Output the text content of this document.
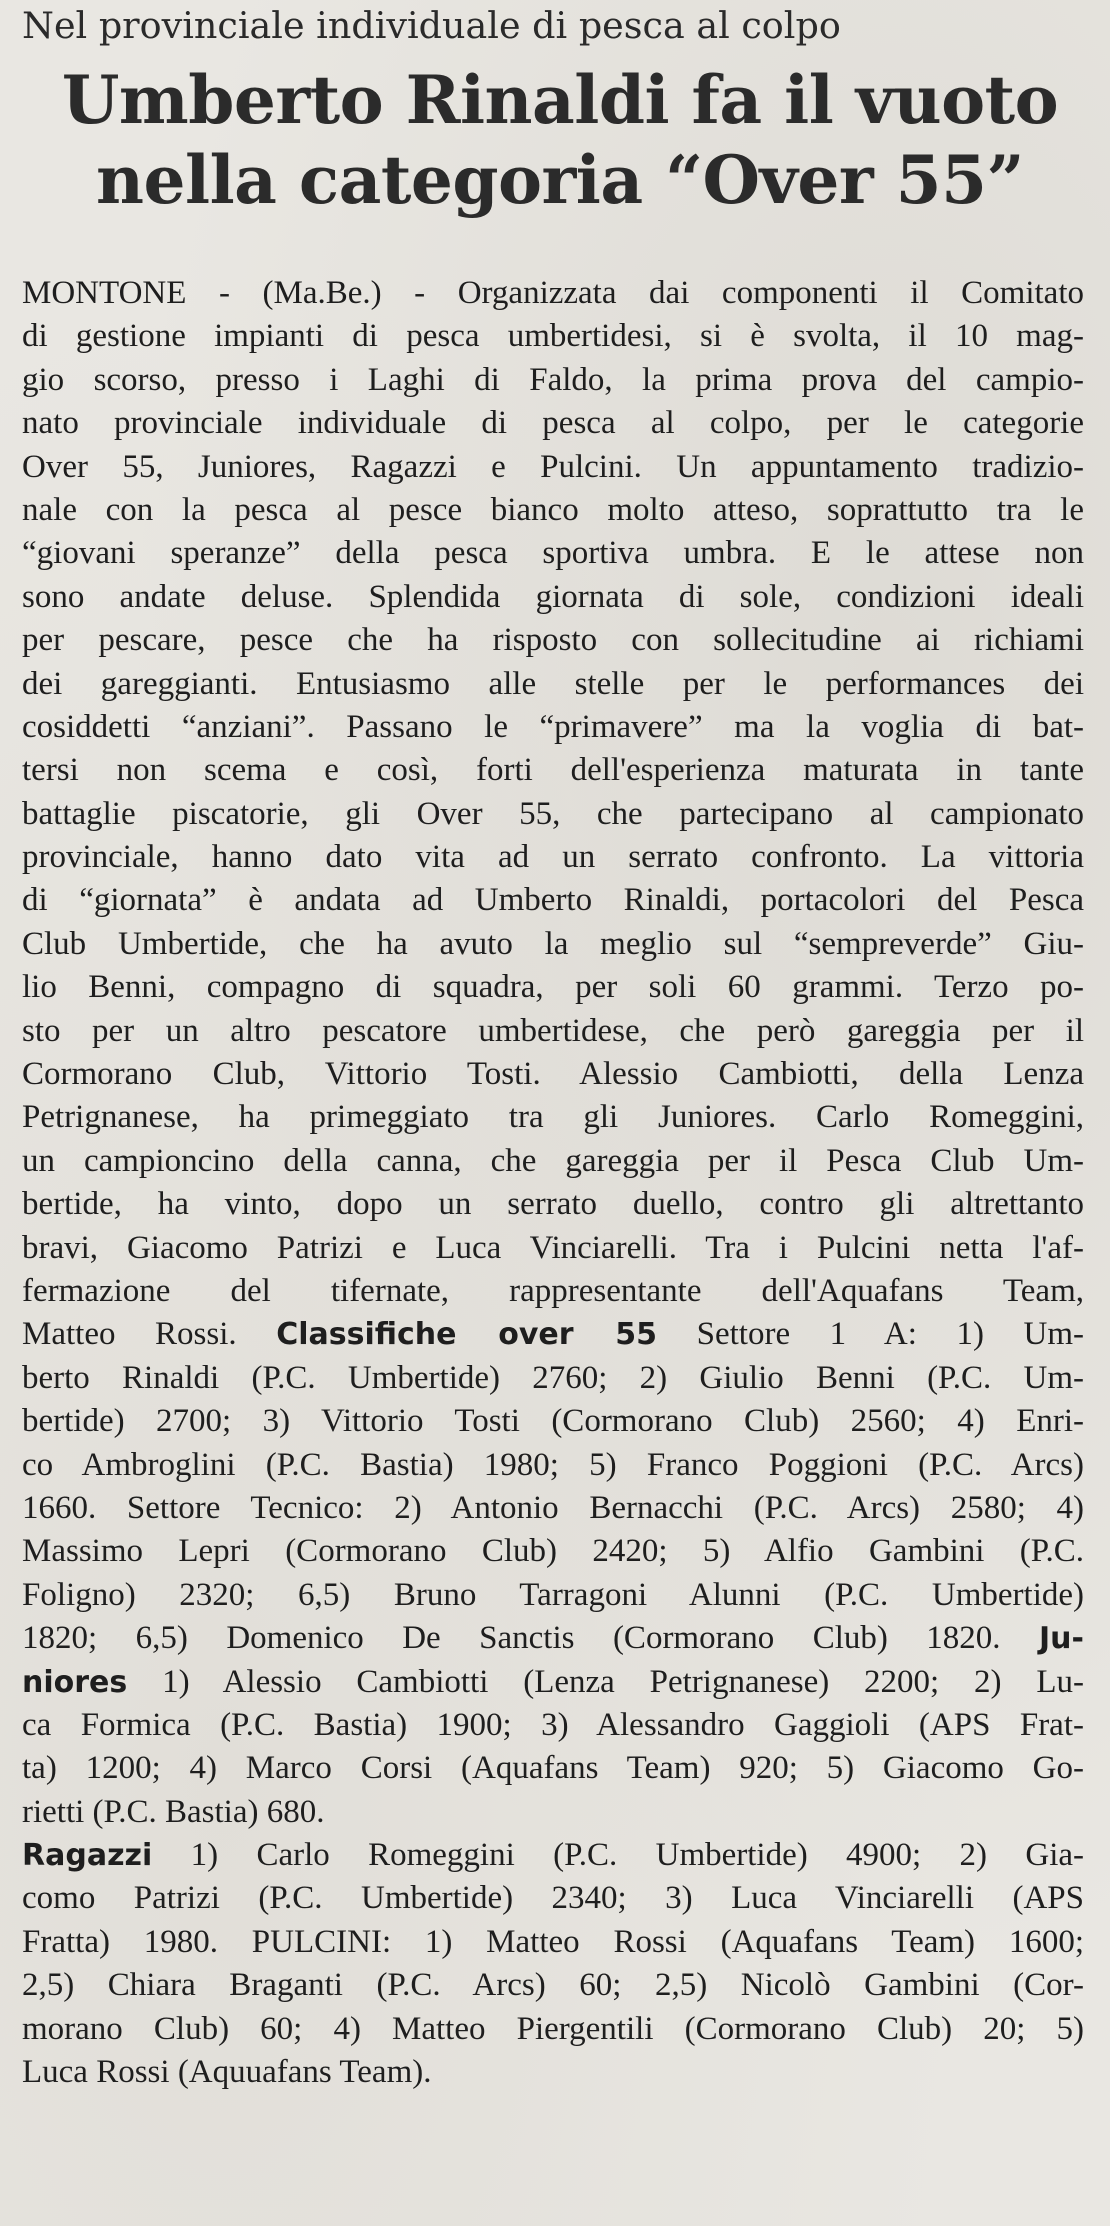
Nel provinciale individuale di pesca al colpo
Umberto Rinaldi fa il vuoto
nella categoria “Over 55”
MONTONE - (Ma.Be.) - Organizzata dai componenti il Comitato
di gestione impianti di pesca umbertidesi, si è svolta, il 10 mag-
gio scorso, presso i Laghi di Faldo, la prima prova del campio-
nato provinciale individuale di pesca al colpo, per le categorie
Over 55, Juniores, Ragazzi e Pulcini. Un appuntamento tradizio-
nale con la pesca al pesce bianco molto atteso, soprattutto tra le
“giovani speranze” della pesca sportiva umbra. E le attese non
sono andate deluse. Splendida giornata di sole, condizioni ideali
per pescare, pesce che ha risposto con sollecitudine ai richiami
dei gareggianti. Entusiasmo alle stelle per le performances dei
cosiddetti “anziani”. Passano le “primavere” ma la voglia di bat-
tersi non scema e così, forti dell'esperienza maturata in tante
battaglie piscatorie, gli Over 55, che partecipano al campionato
provinciale, hanno dato vita ad un serrato confronto. La vittoria
di “giornata” è andata ad Umberto Rinaldi, portacolori del Pesca
Club Umbertide, che ha avuto la meglio sul “sempreverde” Giu-
lio Benni, compagno di squadra, per soli 60 grammi. Terzo po-
sto per un altro pescatore umbertidese, che però gareggia per il
Cormorano Club, Vittorio Tosti. Alessio Cambiotti, della Lenza
Petrignanese, ha primeggiato tra gli Juniores. Carlo Romeggini,
un campioncino della canna, che gareggia per il Pesca Club Um-
bertide, ha vinto, dopo un serrato duello, contro gli altrettanto
bravi, Giacomo Patrizi e Luca Vinciarelli. Tra i Pulcini netta l'af-
fermazione del tifernate, rappresentante dell'Aquafans Team,
Matteo Rossi. Classifiche over 55 Settore 1 A: 1) Um-
berto Rinaldi (P.C. Umbertide) 2760; 2) Giulio Benni (P.C. Um-
bertide) 2700; 3) Vittorio Tosti (Cormorano Club) 2560; 4) Enri-
co Ambroglini (P.C. Bastia) 1980; 5) Franco Poggioni (P.C. Arcs)
1660. Settore Tecnico: 2) Antonio Bernacchi (P.C. Arcs) 2580; 4)
Massimo Lepri (Cormorano Club) 2420; 5) Alfio Gambini (P.C.
Foligno) 2320; 6,5) Bruno Tarragoni Alunni (P.C. Umbertide)
1820; 6,5) Domenico De Sanctis (Cormorano Club) 1820. Ju-
niores 1) Alessio Cambiotti (Lenza Petrignanese) 2200; 2) Lu-
ca Formica (P.C. Bastia) 1900; 3) Alessandro Gaggioli (APS Frat-
ta) 1200; 4) Marco Corsi (Aquafans Team) 920; 5) Giacomo Go-
rietti (P.C. Bastia) 680.
Ragazzi 1) Carlo Romeggini (P.C. Umbertide) 4900; 2) Gia-
como Patrizi (P.C. Umbertide) 2340; 3) Luca Vinciarelli (APS
Fratta) 1980. PULCINI: 1) Matteo Rossi (Aquafans Team) 1600;
2,5) Chiara Braganti (P.C. Arcs) 60; 2,5) Nicolò Gambini (Cor-
morano Club) 60; 4) Matteo Piergentili (Cormorano Club) 20; 5)
Luca Rossi (Aquuafans Team).
